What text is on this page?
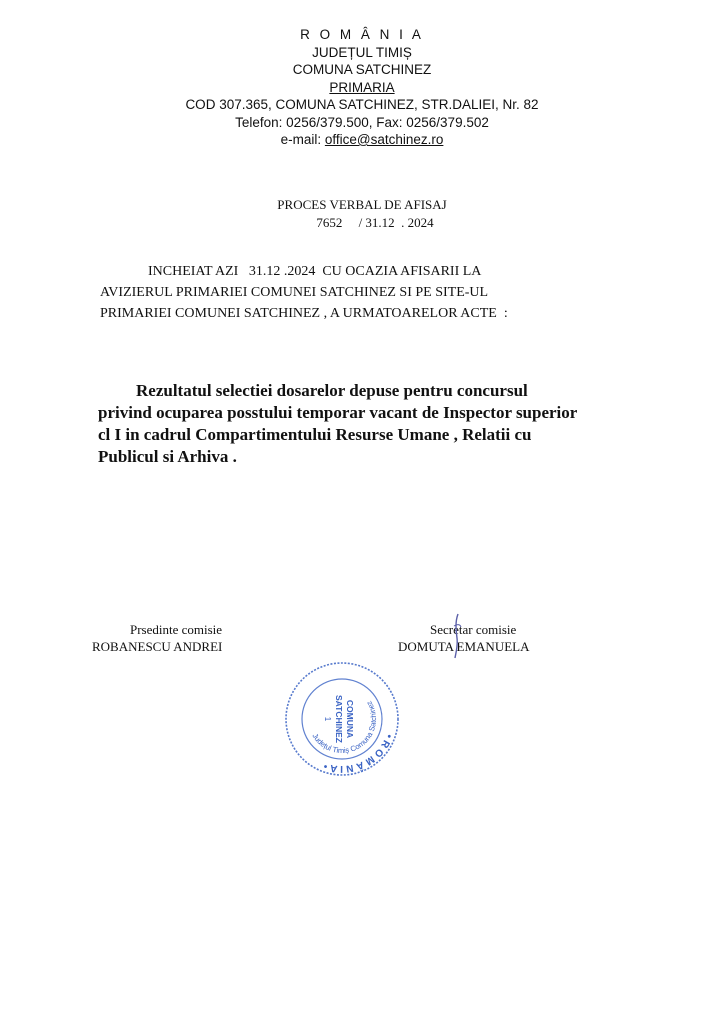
R O M Â N I A
JUDEȚUL TIMIȘ
COMUNA SATCHINEZ
PRIMARIA
COD 307.365, COMUNA SATCHINEZ, STR.DALIEI, Nr. 82
Telefon: 0256/379.500, Fax: 0256/379.502
e-mail: office@satchinez.ro
PROCES VERBAL DE AFISAJ
7652     / 31.12  . 2024
INCHEIAT AZI   31.12 .2024  CU OCAZIA AFISARII LA
AVIZIERUL PRIMARIEI COMUNEI SATCHINEZ SI PE SITE-UL
PRIMARIEI COMUNEI SATCHINEZ , A URMATOARELOR ACTE  :
Rezultatul selectiei dosarelor depuse pentru concursul
privind ocuparea posstului temporar vacant de Inspector superior
cl I in cadrul Compartimentului Resurse Umane , Relatii cu
Publicul si Arhiva .
Prsedinte comisie
ROBANESCU ANDREI
Secretar comisie
DOMUTA EMANUELA
• R O M Â N I A •
Județul Timiș Comuna Satchinez
COMUNA
SATCHINEZ
1
